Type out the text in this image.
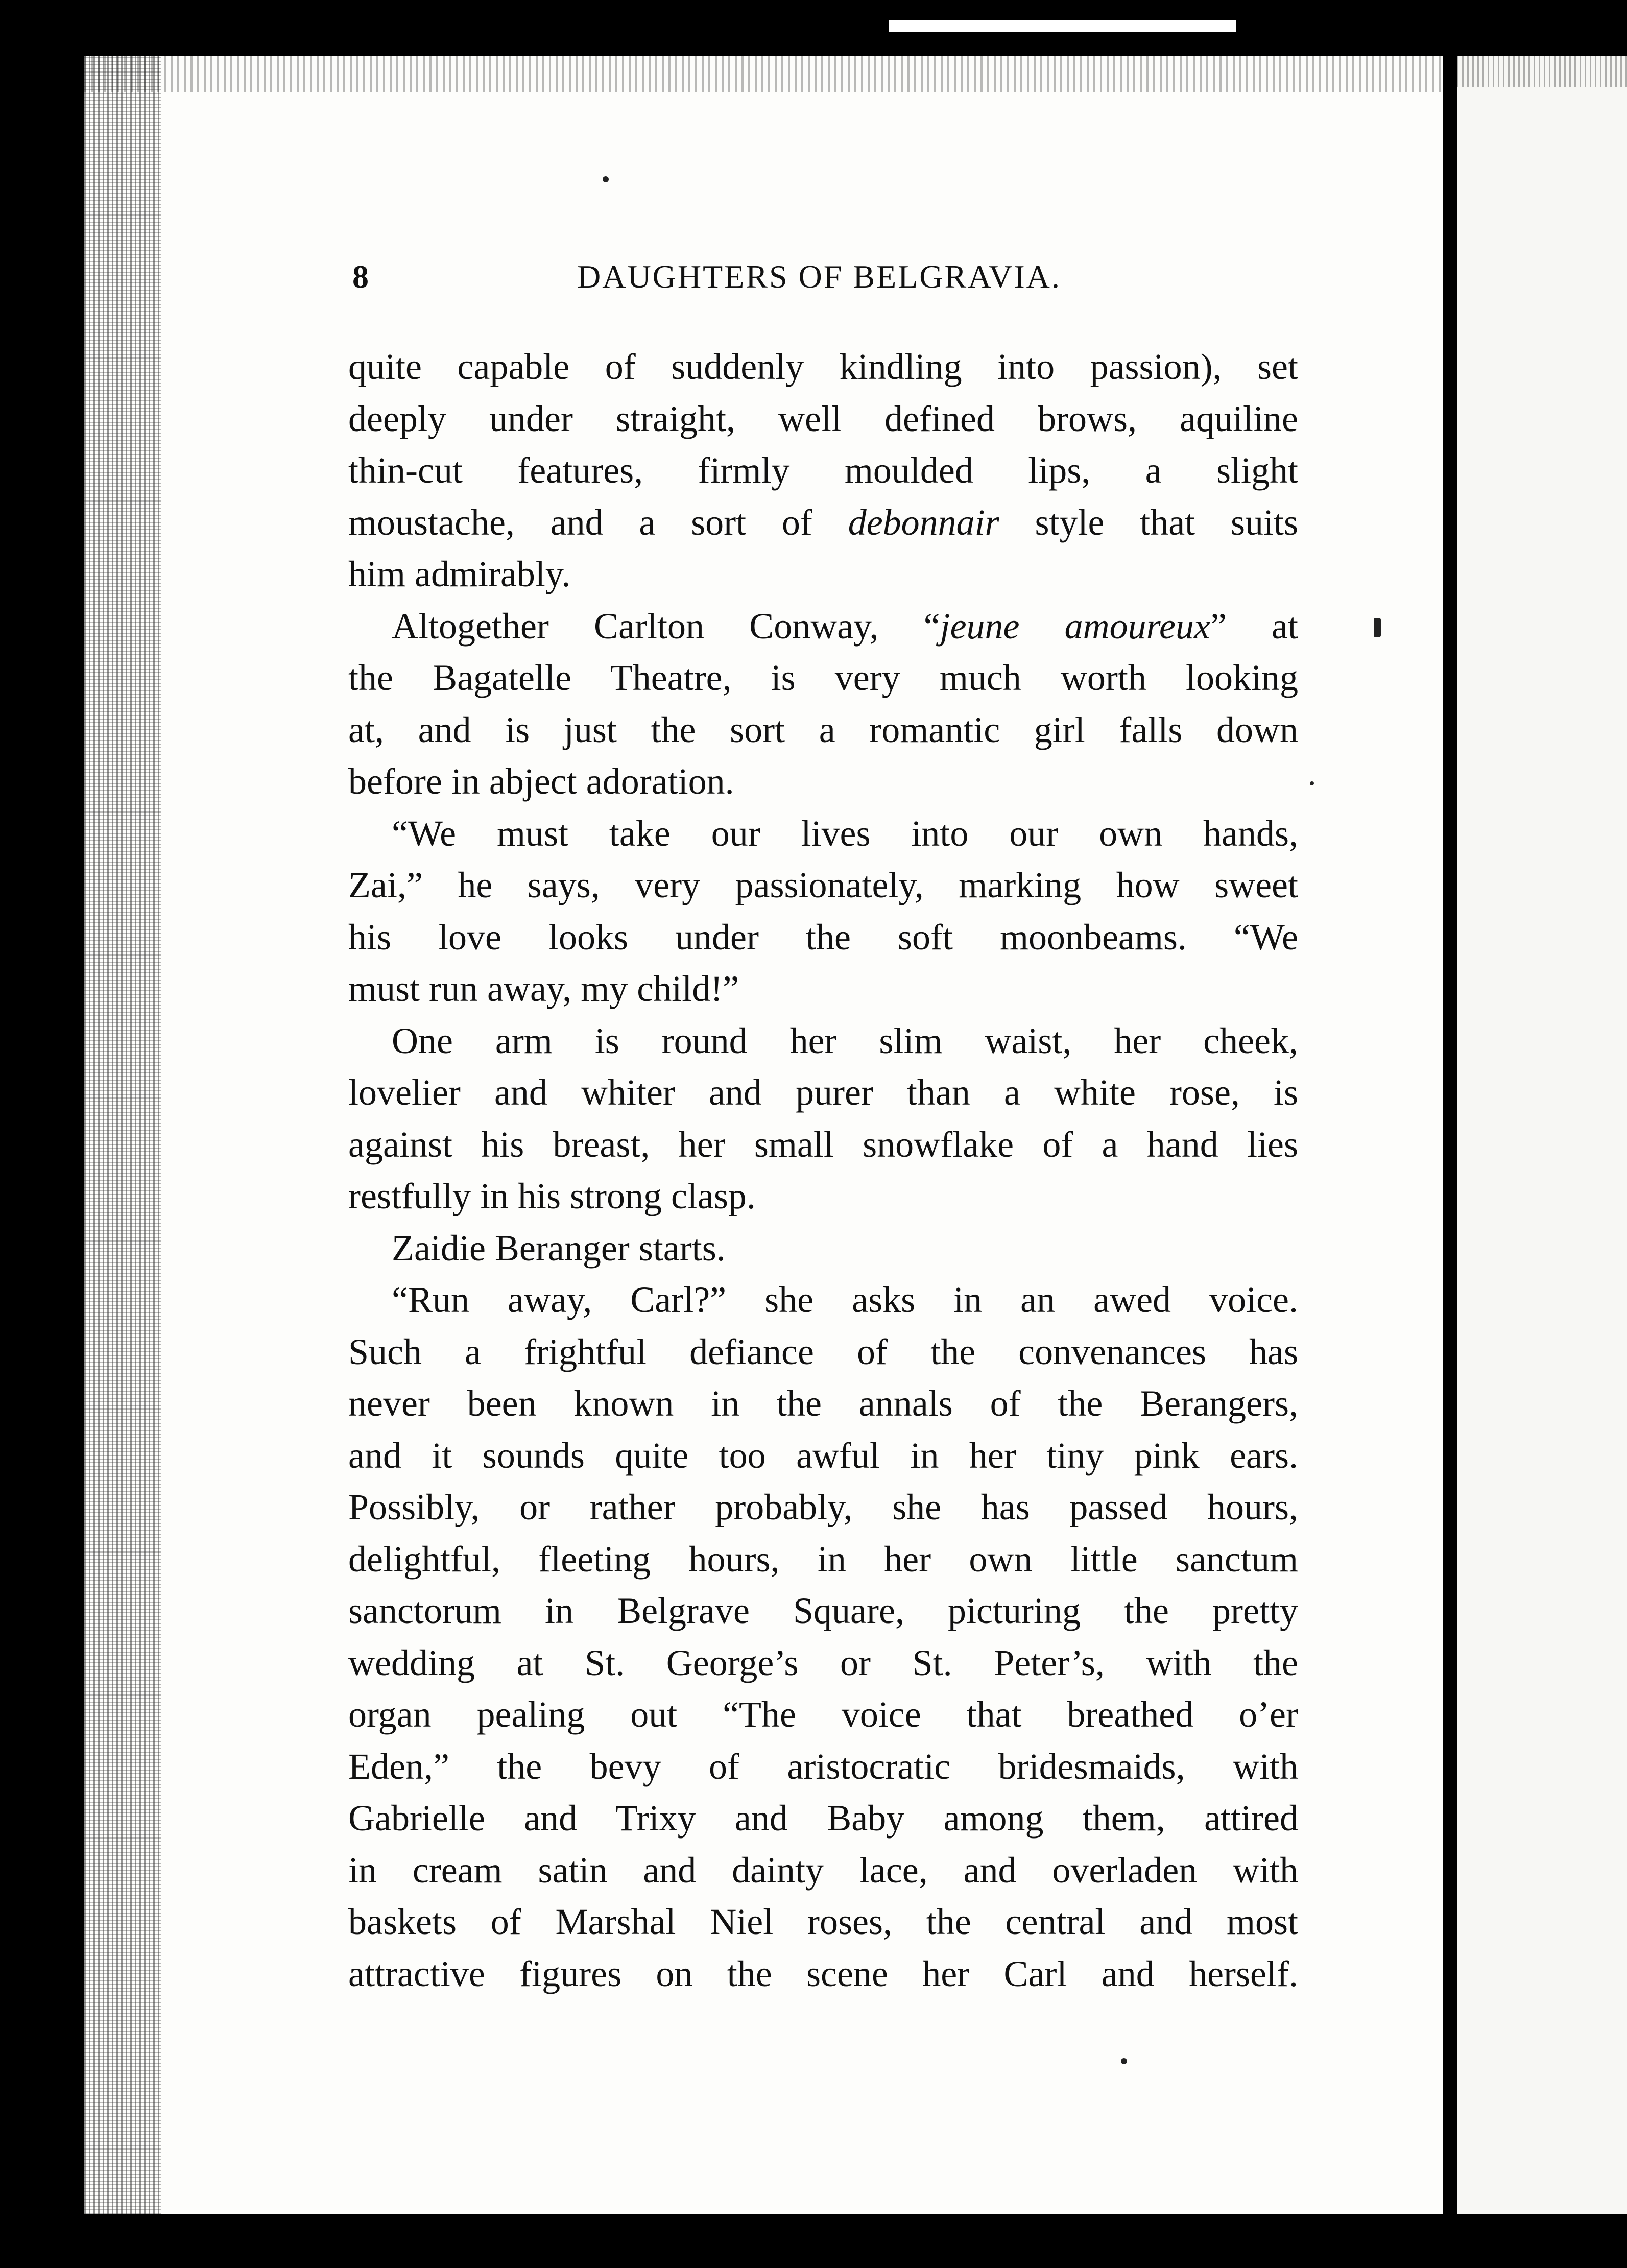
8	DAUGHTERS OF BELGRAVIA.
quite capable of suddenly kindling into passion), set
deeply under straight, well defined brows, aquiline
thin-cut features, firmly moulded lips, a slight
moustache, and a sort of debonnair style that suits
him admirably.
Altogether Carlton Conway, “jeune amoureux” at
the Bagatelle Theatre, is very much worth looking
at, and is just the sort a romantic girl falls down
before in abject adoration.
“We must take our lives into our own hands,
Zai,” he says, very passionately, marking how sweet
his love looks under the soft moonbeams. “We
must run away, my child!”
One arm is round her slim waist, her cheek,
lovelier and whiter and purer than a white rose, is
against his breast, her small snowflake of a hand lies
restfully in his strong clasp.
Zaidie Beranger starts.
“Run away, Carl?” she asks in an awed voice.
Such a frightful defiance of the convenances has
never been known in the annals of the Berangers,
and it sounds quite too awful in her tiny pink ears.
Possibly, or rather probably, she has passed hours,
delightful, fleeting hours, in her own little sanctum
sanctorum in Belgrave Square, picturing the pretty
wedding at St. George’s or St. Peter’s, with the
organ pealing out “The voice that breathed o’er
Eden,” the bevy of aristocratic bridesmaids, with
Gabrielle and Trixy and Baby among them, attired
in cream satin and dainty lace, and overladen with
baskets of Marshal Niel roses, the central and most
attractive figures on the scene her Carl and herself.
